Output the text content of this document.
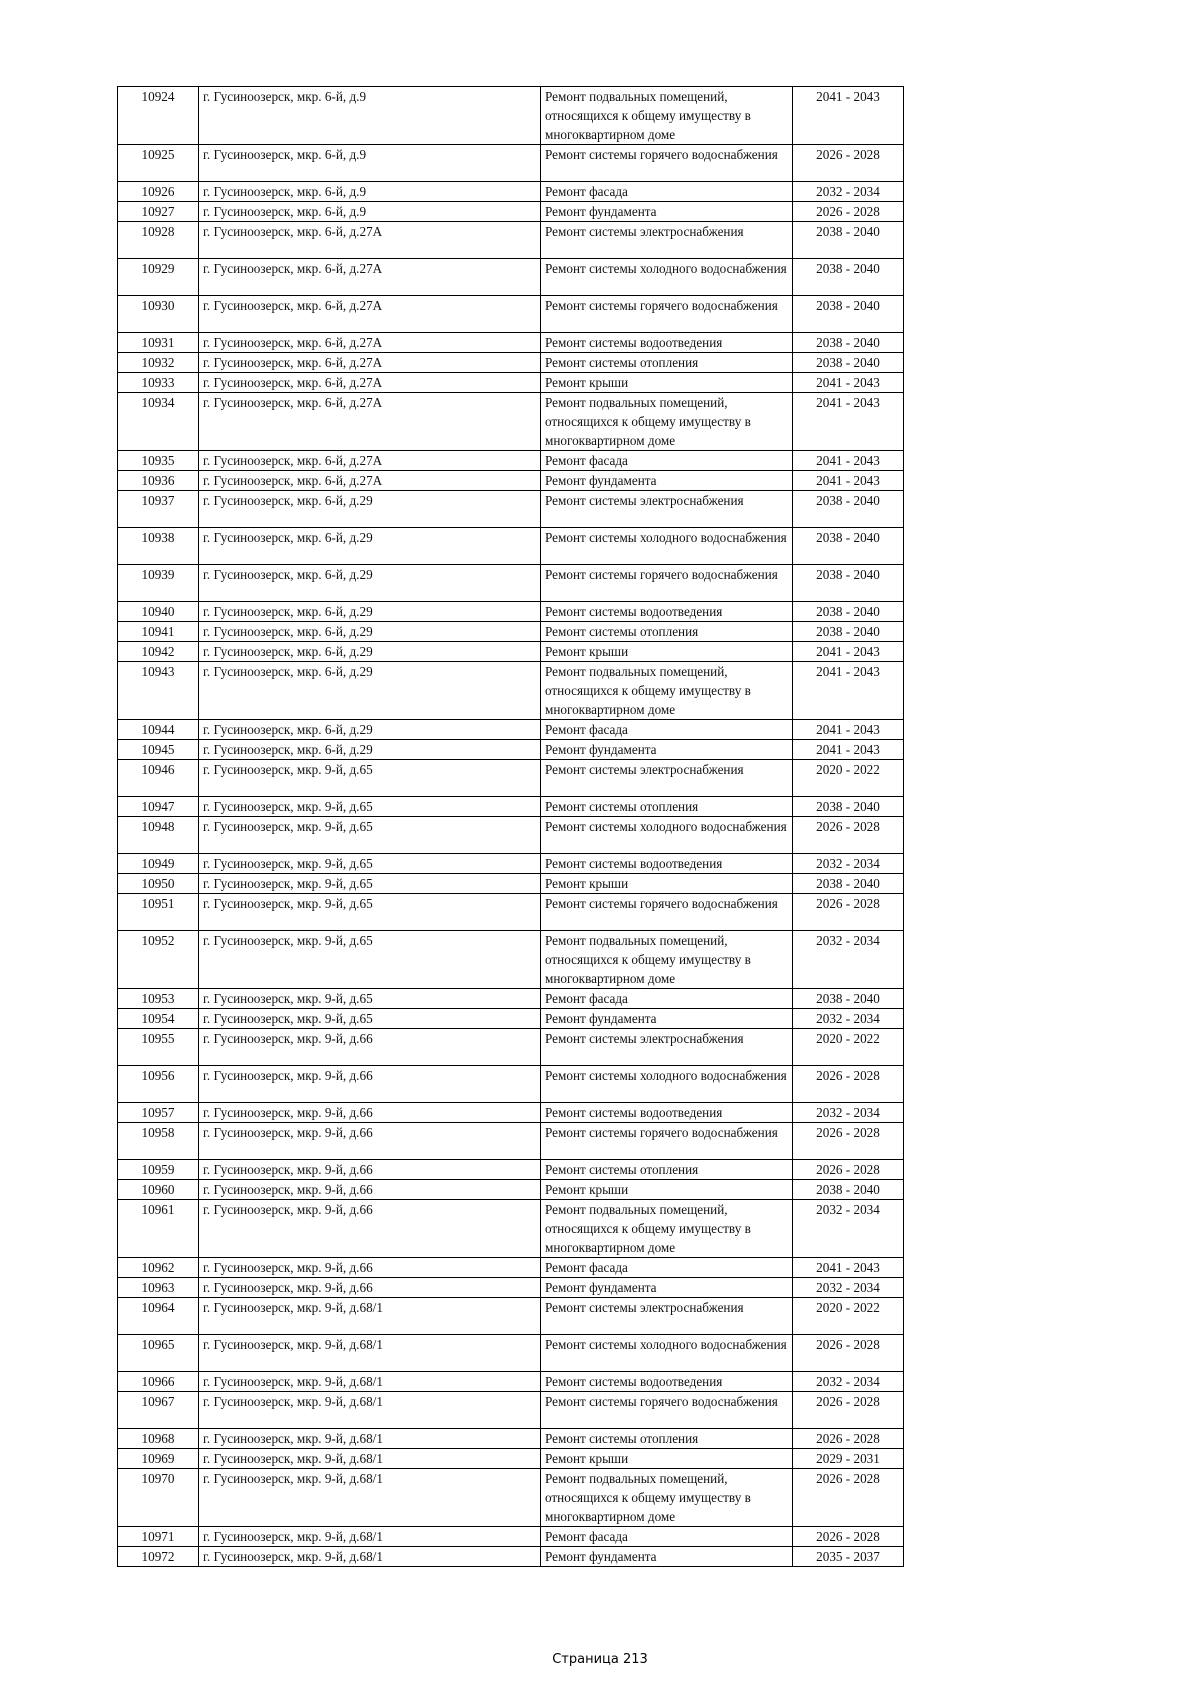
10924	г. Гусиноозерск, мкр. 6-й, д.9	Ремонт подвальных помещений, относящихся к общему имуществу в многоквартирном доме	2041 - 2043
10925	г. Гусиноозерск, мкр. 6-й, д.9	Ремонт системы горячего водоснабжения	2026 - 2028
10926	г. Гусиноозерск, мкр. 6-й, д.9	Ремонт фасада	2032 - 2034
10927	г. Гусиноозерск, мкр. 6-й, д.9	Ремонт фундамента	2026 - 2028
10928	г. Гусиноозерск, мкр. 6-й, д.27А	Ремонт системы электроснабжения	2038 - 2040
10929	г. Гусиноозерск, мкр. 6-й, д.27А	Ремонт системы холодного водоснабжения	2038 - 2040
10930	г. Гусиноозерск, мкр. 6-й, д.27А	Ремонт системы горячего водоснабжения	2038 - 2040
10931	г. Гусиноозерск, мкр. 6-й, д.27А	Ремонт системы водоотведения	2038 - 2040
10932	г. Гусиноозерск, мкр. 6-й, д.27А	Ремонт системы отопления	2038 - 2040
10933	г. Гусиноозерск, мкр. 6-й, д.27А	Ремонт крыши	2041 - 2043
10934	г. Гусиноозерск, мкр. 6-й, д.27А	Ремонт подвальных помещений, относящихся к общему имуществу в многоквартирном доме	2041 - 2043
10935	г. Гусиноозерск, мкр. 6-й, д.27А	Ремонт фасада	2041 - 2043
10936	г. Гусиноозерск, мкр. 6-й, д.27А	Ремонт фундамента	2041 - 2043
10937	г. Гусиноозерск, мкр. 6-й, д.29	Ремонт системы электроснабжения	2038 - 2040
10938	г. Гусиноозерск, мкр. 6-й, д.29	Ремонт системы холодного водоснабжения	2038 - 2040
10939	г. Гусиноозерск, мкр. 6-й, д.29	Ремонт системы горячего водоснабжения	2038 - 2040
10940	г. Гусиноозерск, мкр. 6-й, д.29	Ремонт системы водоотведения	2038 - 2040
10941	г. Гусиноозерск, мкр. 6-й, д.29	Ремонт системы отопления	2038 - 2040
10942	г. Гусиноозерск, мкр. 6-й, д.29	Ремонт крыши	2041 - 2043
10943	г. Гусиноозерск, мкр. 6-й, д.29	Ремонт подвальных помещений, относящихся к общему имуществу в многоквартирном доме	2041 - 2043
10944	г. Гусиноозерск, мкр. 6-й, д.29	Ремонт фасада	2041 - 2043
10945	г. Гусиноозерск, мкр. 6-й, д.29	Ремонт фундамента	2041 - 2043
10946	г. Гусиноозерск, мкр. 9-й, д.65	Ремонт системы электроснабжения	2020 - 2022
10947	г. Гусиноозерск, мкр. 9-й, д.65	Ремонт системы отопления	2038 - 2040
10948	г. Гусиноозерск, мкр. 9-й, д.65	Ремонт системы холодного водоснабжения	2026 - 2028
10949	г. Гусиноозерск, мкр. 9-й, д.65	Ремонт системы водоотведения	2032 - 2034
10950	г. Гусиноозерск, мкр. 9-й, д.65	Ремонт крыши	2038 - 2040
10951	г. Гусиноозерск, мкр. 9-й, д.65	Ремонт системы горячего водоснабжения	2026 - 2028
10952	г. Гусиноозерск, мкр. 9-й, д.65	Ремонт подвальных помещений, относящихся к общему имуществу в многоквартирном доме	2032 - 2034
10953	г. Гусиноозерск, мкр. 9-й, д.65	Ремонт фасада	2038 - 2040
10954	г. Гусиноозерск, мкр. 9-й, д.65	Ремонт фундамента	2032 - 2034
10955	г. Гусиноозерск, мкр. 9-й, д.66	Ремонт системы электроснабжения	2020 - 2022
10956	г. Гусиноозерск, мкр. 9-й, д.66	Ремонт системы холодного водоснабжения	2026 - 2028
10957	г. Гусиноозерск, мкр. 9-й, д.66	Ремонт системы водоотведения	2032 - 2034
10958	г. Гусиноозерск, мкр. 9-й, д.66	Ремонт системы горячего водоснабжения	2026 - 2028
10959	г. Гусиноозерск, мкр. 9-й, д.66	Ремонт системы отопления	2026 - 2028
10960	г. Гусиноозерск, мкр. 9-й, д.66	Ремонт крыши	2038 - 2040
10961	г. Гусиноозерск, мкр. 9-й, д.66	Ремонт подвальных помещений, относящихся к общему имуществу в многоквартирном доме	2032 - 2034
10962	г. Гусиноозерск, мкр. 9-й, д.66	Ремонт фасада	2041 - 2043
10963	г. Гусиноозерск, мкр. 9-й, д.66	Ремонт фундамента	2032 - 2034
10964	г. Гусиноозерск, мкр. 9-й, д.68/1	Ремонт системы электроснабжения	2020 - 2022
10965	г. Гусиноозерск, мкр. 9-й, д.68/1	Ремонт системы холодного водоснабжения	2026 - 2028
10966	г. Гусиноозерск, мкр. 9-й, д.68/1	Ремонт системы водоотведения	2032 - 2034
10967	г. Гусиноозерск, мкр. 9-й, д.68/1	Ремонт системы горячего водоснабжения	2026 - 2028
10968	г. Гусиноозерск, мкр. 9-й, д.68/1	Ремонт системы отопления	2026 - 2028
10969	г. Гусиноозерск, мкр. 9-й, д.68/1	Ремонт крыши	2029 - 2031
10970	г. Гусиноозерск, мкр. 9-й, д.68/1	Ремонт подвальных помещений, относящихся к общему имуществу в многоквартирном доме	2026 - 2028
10971	г. Гусиноозерск, мкр. 9-й, д.68/1	Ремонт фасада	2026 - 2028
10972	г. Гусиноозерск, мкр. 9-й, д.68/1	Ремонт фундамента	2035 - 2037
Страница 213
